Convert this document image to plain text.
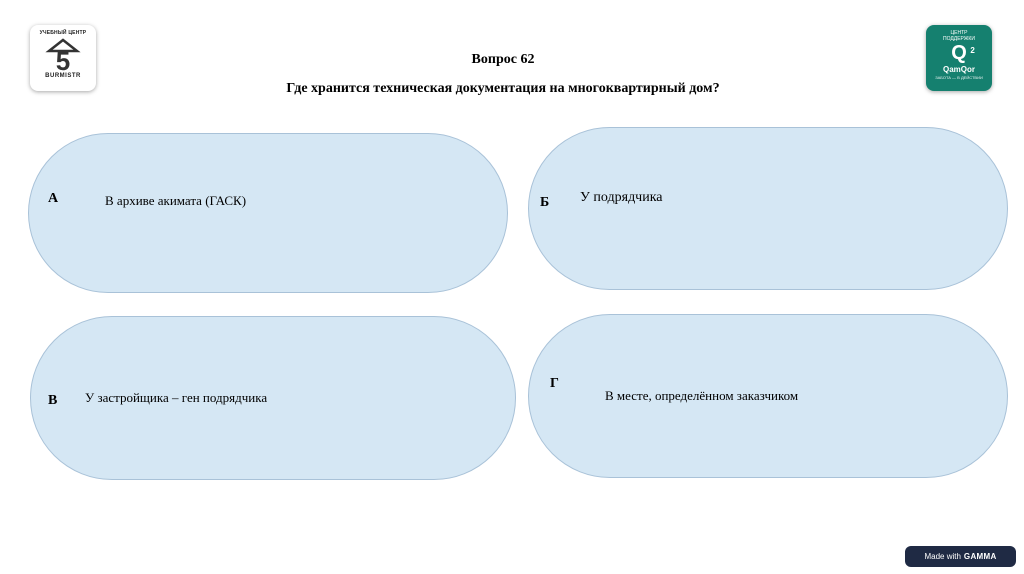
УЧЕБНЫЙ ЦЕНТР
5
BURMISTR
ЦЕНТР ПОДДЕРЖКИ
Q 2
QamQor
ЗАБОТА — В ДЕЙСТВИИ
Вопрос 62
Где хранится техническая документация на многоквартирный дом?
А	В архиве акимата (ГАСК)	Б У подрядчика
В У застройщика – ген подрядчика
Г
В месте, определённом заказчиком
Made with GAMMA
